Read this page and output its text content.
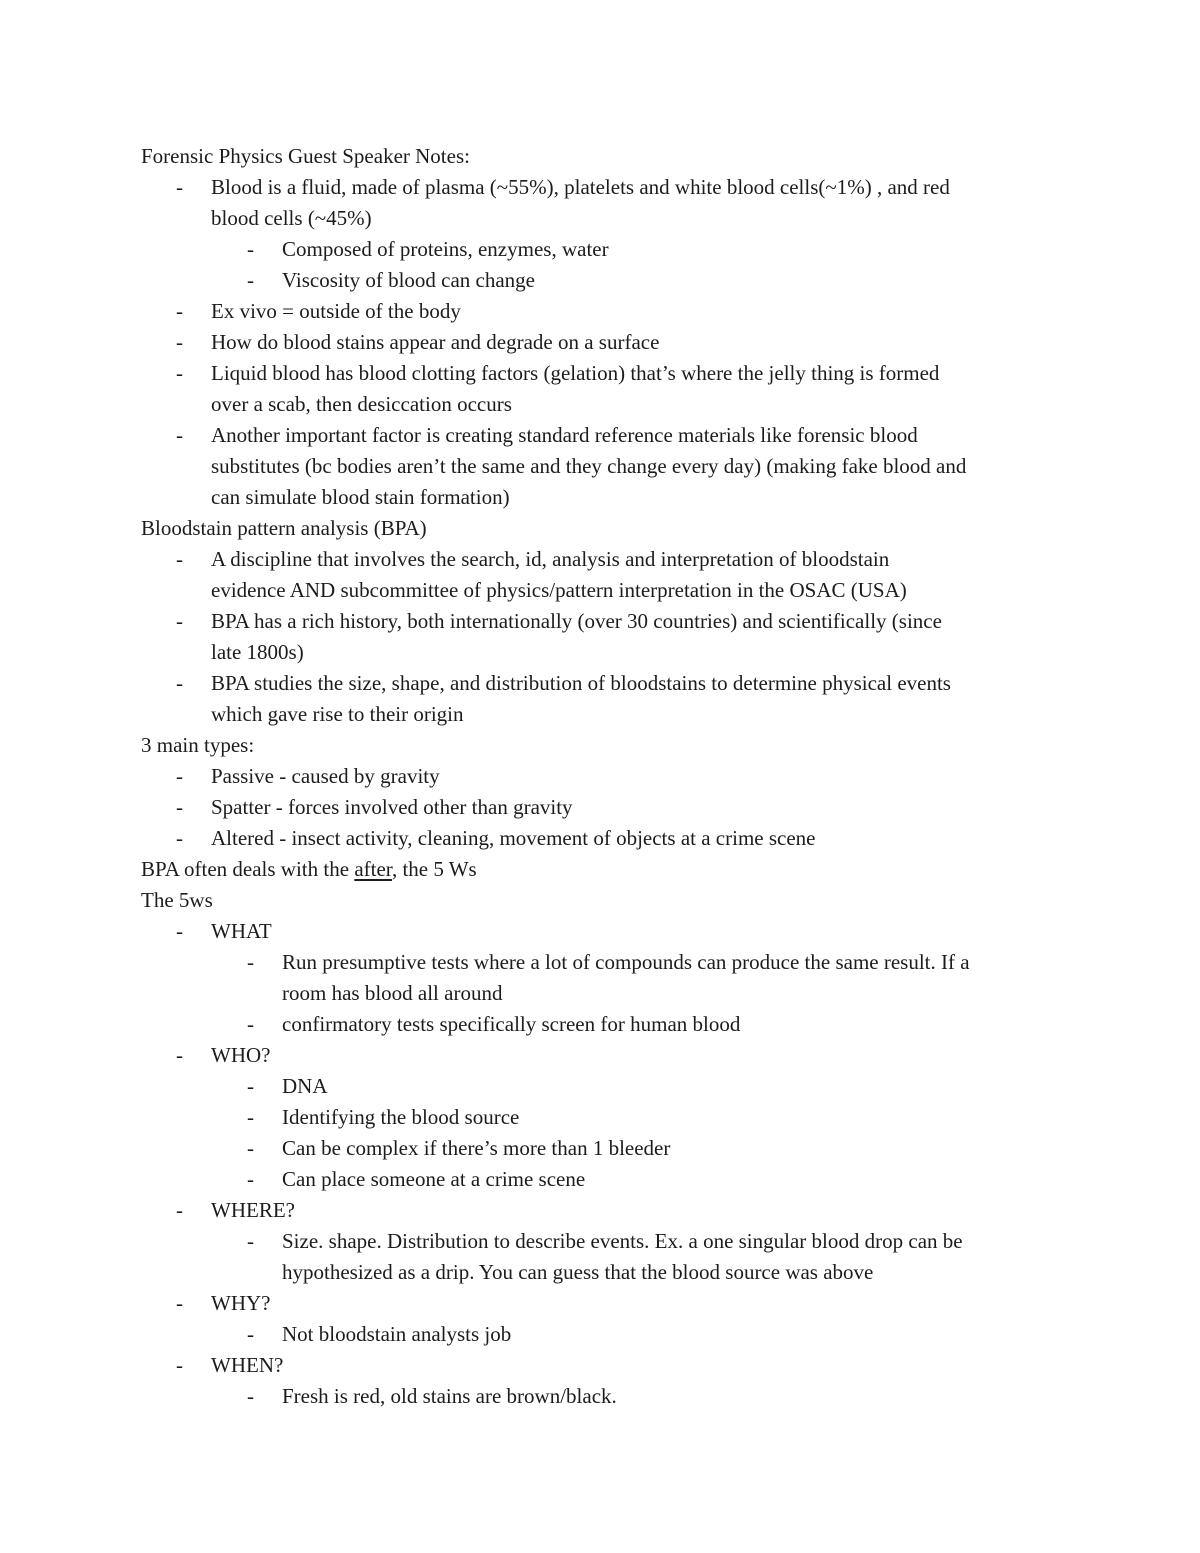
Forensic Physics Guest Speaker Notes:
- Blood is a fluid, made of plasma (~55%), platelets and white blood cells(~1%) , and red
blood cells (~45%)
- Composed of proteins, enzymes, water
- Viscosity of blood can change
- Ex vivo = outside of the body
- How do blood stains appear and degrade on a surface
- Liquid blood has blood clotting factors (gelation) that’s where the jelly thing is formed
over a scab, then desiccation occurs
- Another important factor is creating standard reference materials like forensic blood
substitutes (bc bodies aren’t the same and they change every day) (making fake blood and
can simulate blood stain formation)
Bloodstain pattern analysis (BPA)
- A discipline that involves the search, id, analysis and interpretation of bloodstain
evidence AND subcommittee of physics/pattern interpretation in the OSAC (USA)
- BPA has a rich history, both internationally (over 30 countries) and scientifically (since
late 1800s)
- BPA studies the size, shape, and distribution of bloodstains to determine physical events
which gave rise to their origin
3 main types:
- Passive - caused by gravity
- Spatter - forces involved other than gravity
- Altered - insect activity, cleaning, movement of objects at a crime scene
BPA often deals with the after, the 5 Ws
The 5ws
- WHAT
- Run presumptive tests where a lot of compounds can produce the same result. If a
room has blood all around
- confirmatory tests specifically screen for human blood
- WHO?
- DNA
- Identifying the blood source
- Can be complex if there’s more than 1 bleeder
- Can place someone at a crime scene
- WHERE?
- Size. shape. Distribution to describe events. Ex. a one singular blood drop can be
hypothesized as a drip. You can guess that the blood source was above
- WHY?
- Not bloodstain analysts job
- WHEN?
- Fresh is red, old stains are brown/black.
